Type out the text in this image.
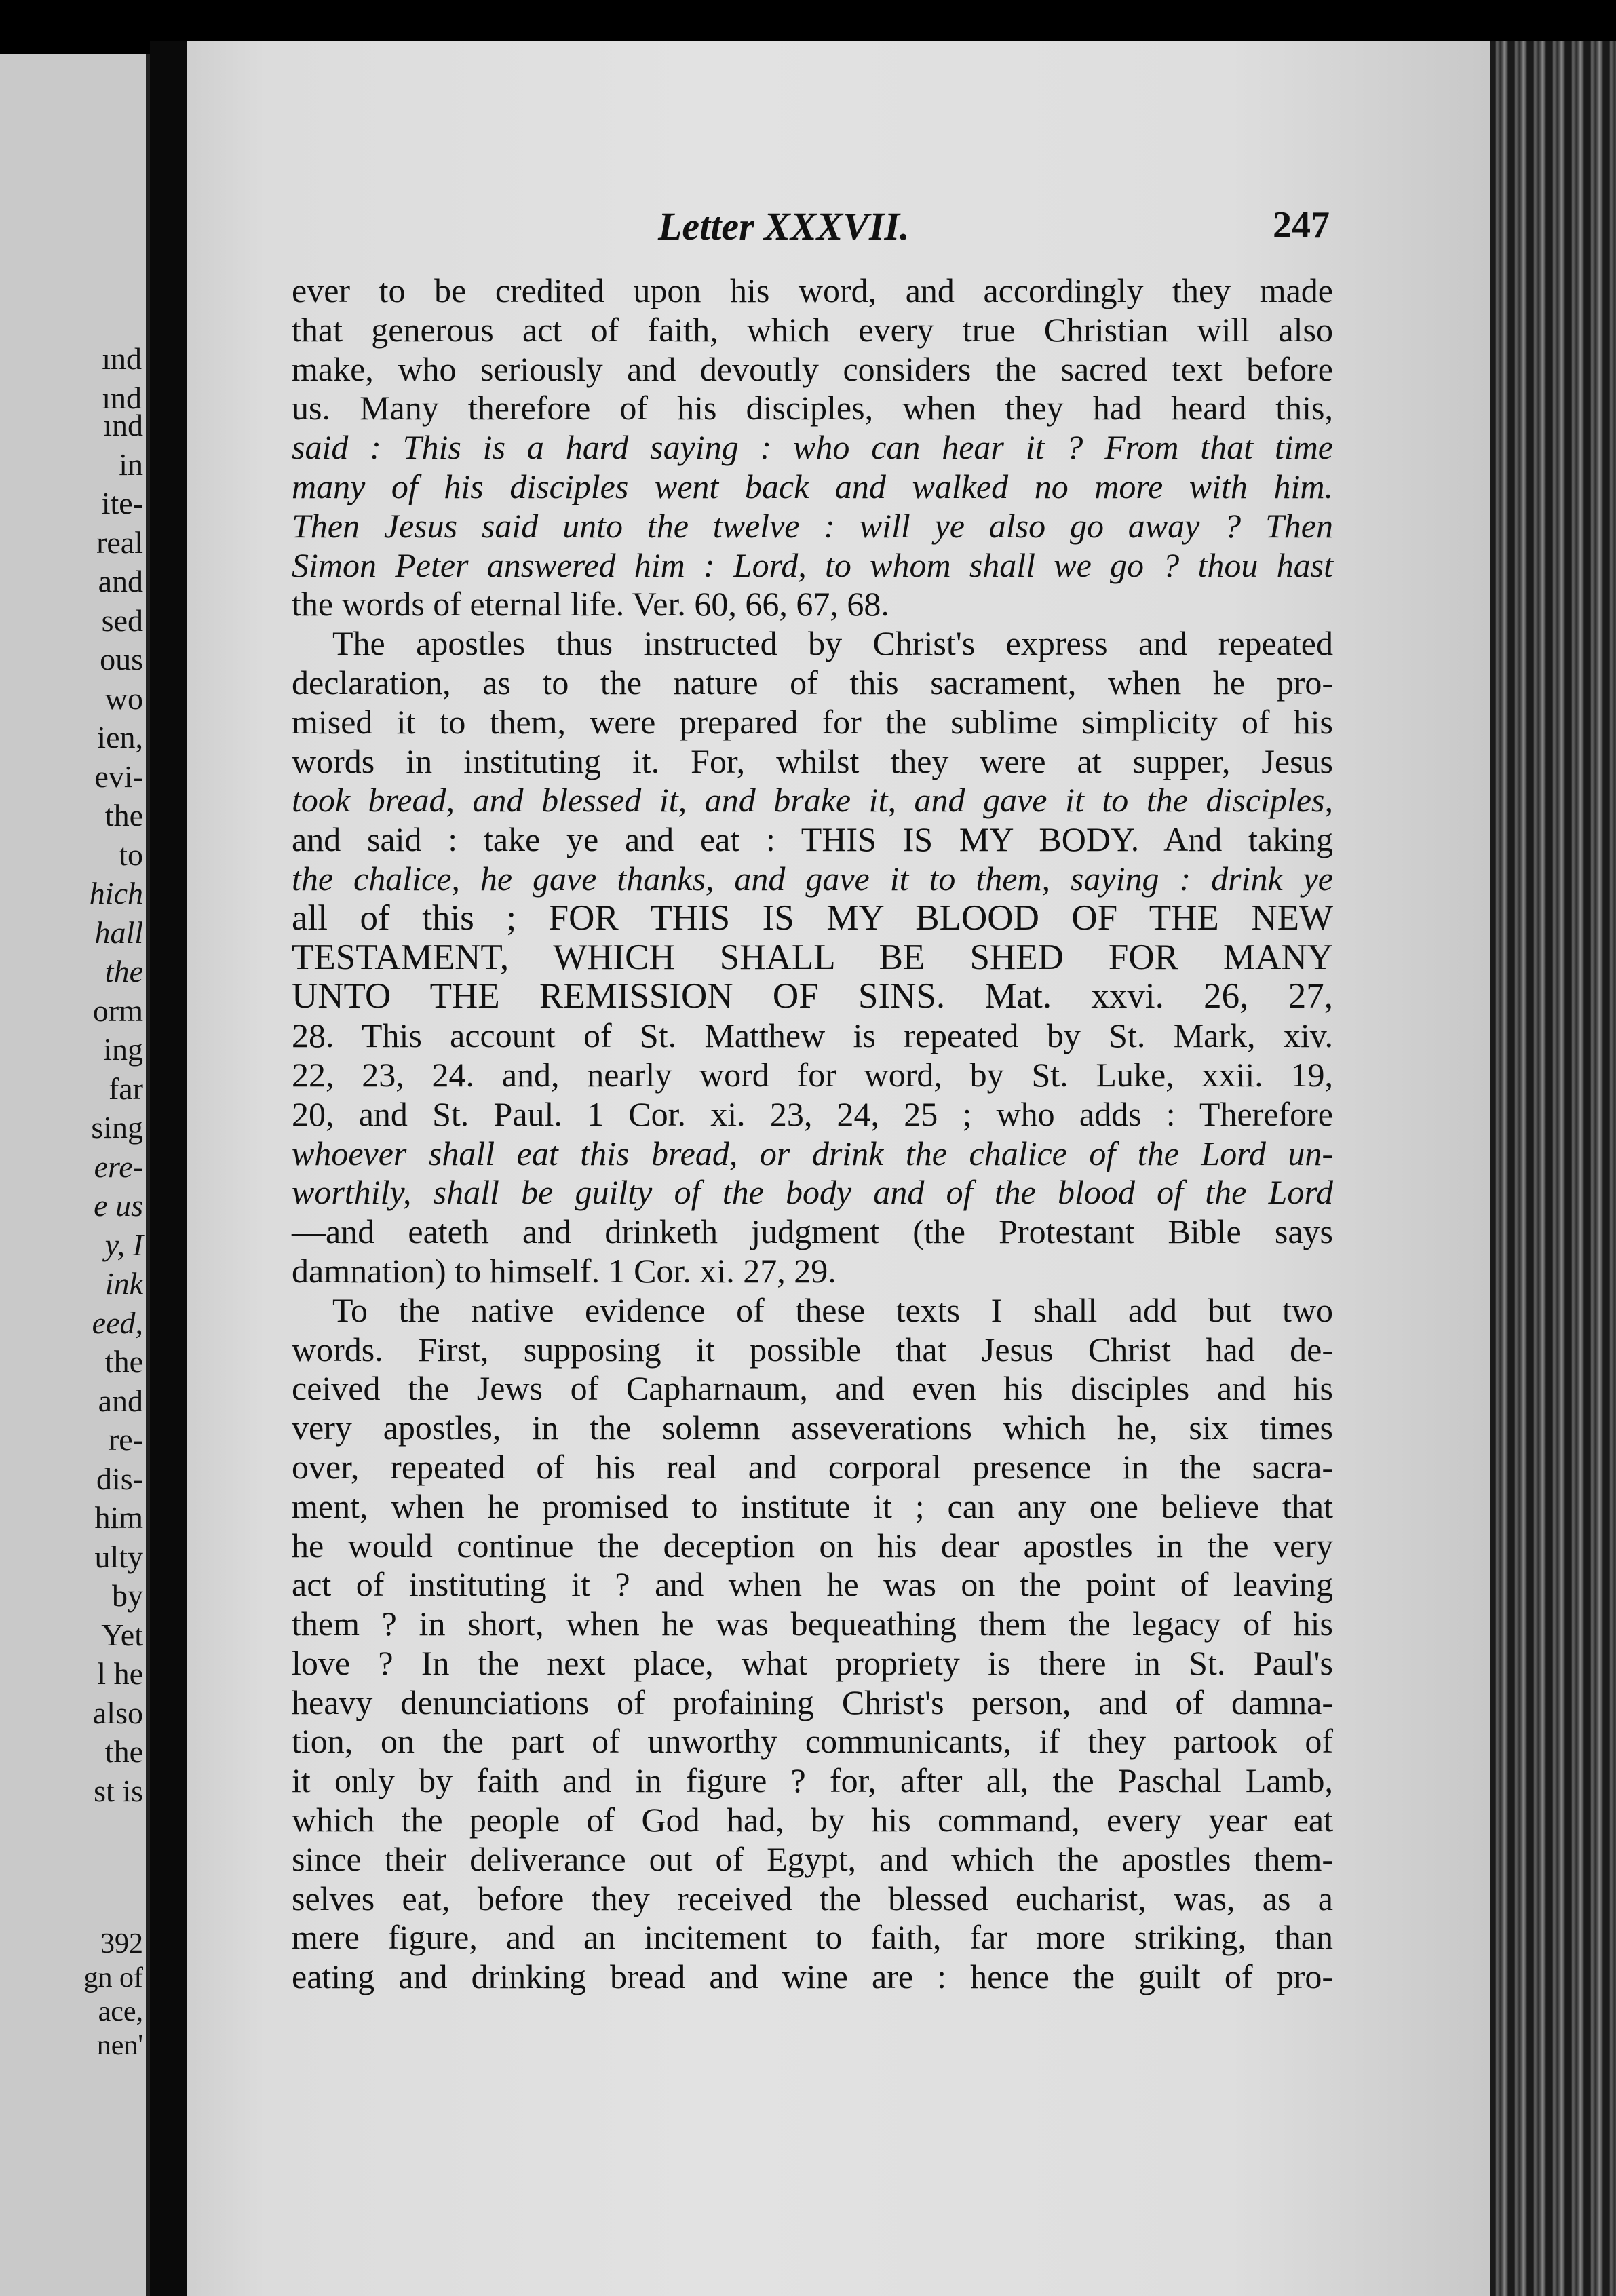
ınd
ınd
ınd
in
ite-
real
and
sed
ous
wo
ien,
evi-
the
to
hich
hall
the
orm
ing
far
sing
ere-
e us
y, I
ink
eed,
the
and
re-
dis-
him
ulty
by
Yet
l he
also
the
st is
392
gn of
ace,
nen'
Letter XXXVII.	247
ever to be credited upon his word, and accordingly they made
that generous act of faith, which every true Christian will also
make, who seriously and devoutly considers the sacred text before
us. Many therefore of his disciples, when they had heard this,
said : This is a hard saying : who can hear it ? From that time
many of his disciples went back and walked no more with him.
Then Jesus said unto the twelve : will ye also go away ? Then
Simon Peter answered him : Lord, to whom shall we go ? thou hast
the words of eternal life. Ver. 60, 66, 67, 68.
The apostles thus instructed by Christ's express and repeated
declaration, as to the nature of this sacrament, when he pro-
mised it to them, were prepared for the sublime simplicity of his
words in instituting it. For, whilst they were at supper, Jesus
took bread, and blessed it, and brake it, and gave it to the disciples,
and said : take ye and eat : THIS IS MY BODY. And taking
the chalice, he gave thanks, and gave it to them, saying : drink ye
all of this ; FOR THIS IS MY BLOOD OF THE NEW
TESTAMENT, WHICH SHALL BE SHED FOR MANY
UNTO THE REMISSION OF SINS. Mat. xxvi. 26, 27,
28. This account of St. Matthew is repeated by St. Mark, xiv.
22, 23, 24. and, nearly word for word, by St. Luke, xxii. 19,
20, and St. Paul. 1 Cor. xi. 23, 24, 25 ; who adds : Therefore
whoever shall eat this bread, or drink the chalice of the Lord un-
worthily, shall be guilty of the body and of the blood of the Lord
—and eateth and drinketh judgment (the Protestant Bible says
damnation) to himself. 1 Cor. xi. 27, 29.
To the native evidence of these texts I shall add but two
words. First, supposing it possible that Jesus Christ had de-
ceived the Jews of Capharnaum, and even his disciples and his
very apostles, in the solemn asseverations which he, six times
over, repeated of his real and corporal presence in the sacra-
ment, when he promised to institute it ; can any one believe that
he would continue the deception on his dear apostles in the very
act of instituting it ? and when he was on the point of leaving
them ? in short, when he was bequeathing them the legacy of his
love ? In the next place, what propriety is there in St. Paul's
heavy denunciations of profaining Christ's person, and of damna-
tion, on the part of unworthy communicants, if they partook of
it only by faith and in figure ? for, after all, the Paschal Lamb,
which the people of God had, by his command, every year eat
since their deliverance out of Egypt, and which the apostles them-
selves eat, before they received the blessed eucharist, was, as a
mere figure, and an incitement to faith, far more striking, than
eating and drinking bread and wine are : hence the guilt of pro-
